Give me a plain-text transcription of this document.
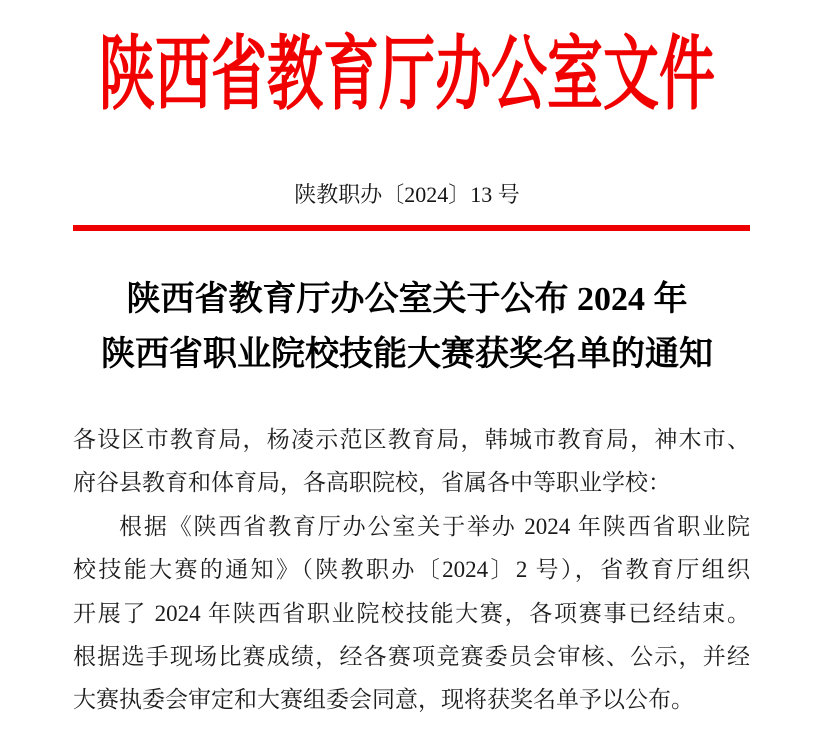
陕西省教育厅办公室文件
陕教职办〔2024〕13 号
陕西省教育厅办公室关于公布 2024 年
陕西省职业院校技能大赛获奖名单的通知

各设区市教育局，杨凌示范区教育局，韩城市教育局，神木市、

府谷县教育和体育局，各高职院校，省属各中等职业学校：

根据《陕西省教育厅办公室关于举办 2024 年陕西省职业院

校技能大赛的通知》（陕教职办〔2024〕2 号），省教育厅组织

开展了 2024 年陕西省职业院校技能大赛，各项赛事已经结束。

根据选手现场比赛成绩，经各赛项竞赛委员会审核、公示，并经

大赛执委会审定和大赛组委会同意，现将获奖名单予以公布。
